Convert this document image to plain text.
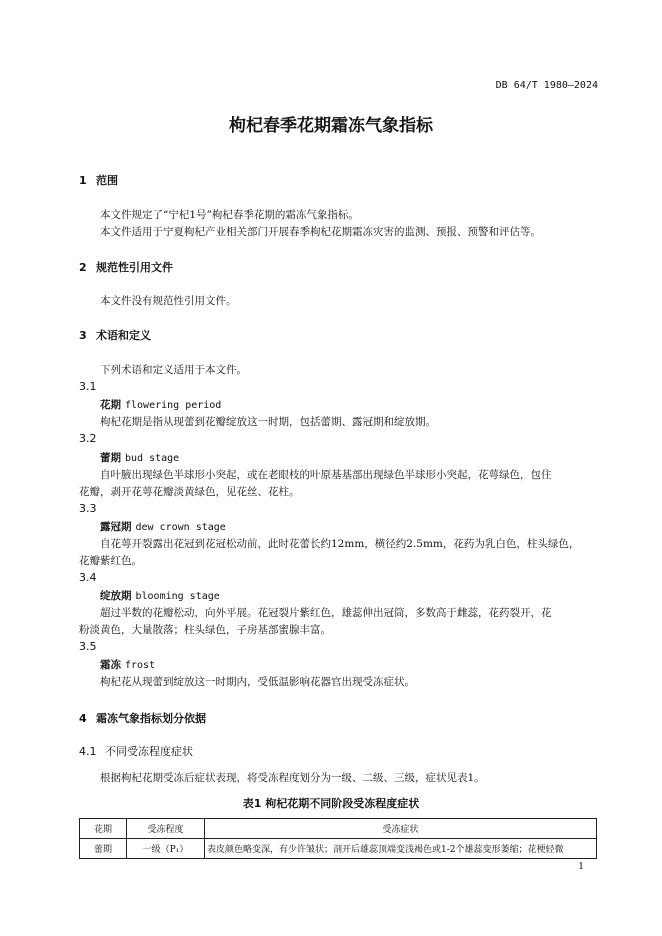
DB 64/T 1980—2024
枸杞春季花期霜冻气象指标
1 范围
本文件规定了“宁杞1号”枸杞春季花期的霜冻气象指标。
本文件适用于宁夏枸杞产业相关部门开展春季枸杞花期霜冻灾害的监测、预报、预警和评估等。
2 规范性引用文件
本文件没有规范性引用文件。
3 术语和定义
下列术语和定义适用于本文件。
3.1
花期 flowering period
枸杞花期是指从现蕾到花瓣绽放这一时期，包括蕾期、露冠期和绽放期。
3.2
蕾期 bud stage
自叶腋出现绿色半球形小突起，或在老眼枝的叶原基基部出现绿色半球形小突起，花萼绿色，包住
花瓣，剥开花萼花瓣淡黄绿色，见花丝、花柱。
3.3
露冠期 dew crown stage
自花萼开裂露出花冠到花冠松动前，此时花蕾长约12mm，横径约2.5mm，花药为乳白色，柱头绿色，
花瓣紫红色。
3.4
绽放期 blooming stage
超过半数的花瓣松动，向外平展。花冠裂片紫红色，雄蕊伸出冠筒，多数高于雌蕊，花药裂开，花
粉淡黄色，大量散落；柱头绿色，子房基部蜜腺丰富。
3.5
霜冻 frost
枸杞花从现蕾到绽放这一时期内，受低温影响花器官出现受冻症状。
4 霜冻气象指标划分依据
4.1 不同受冻程度症状
根据枸杞花期受冻后症状表现，将受冻程度划分为一级、二级、三级，症状见表1。
表1 枸杞花期不同阶段受冻程度症状
花期	受冻程度	受冻症状
蕾期	一级（P₁）	表皮颜色略变深，有少许皱状；剖开后雄蕊顶端变浅褐色或1-2个雄蕊变形萎缩；花梗轻微
1
